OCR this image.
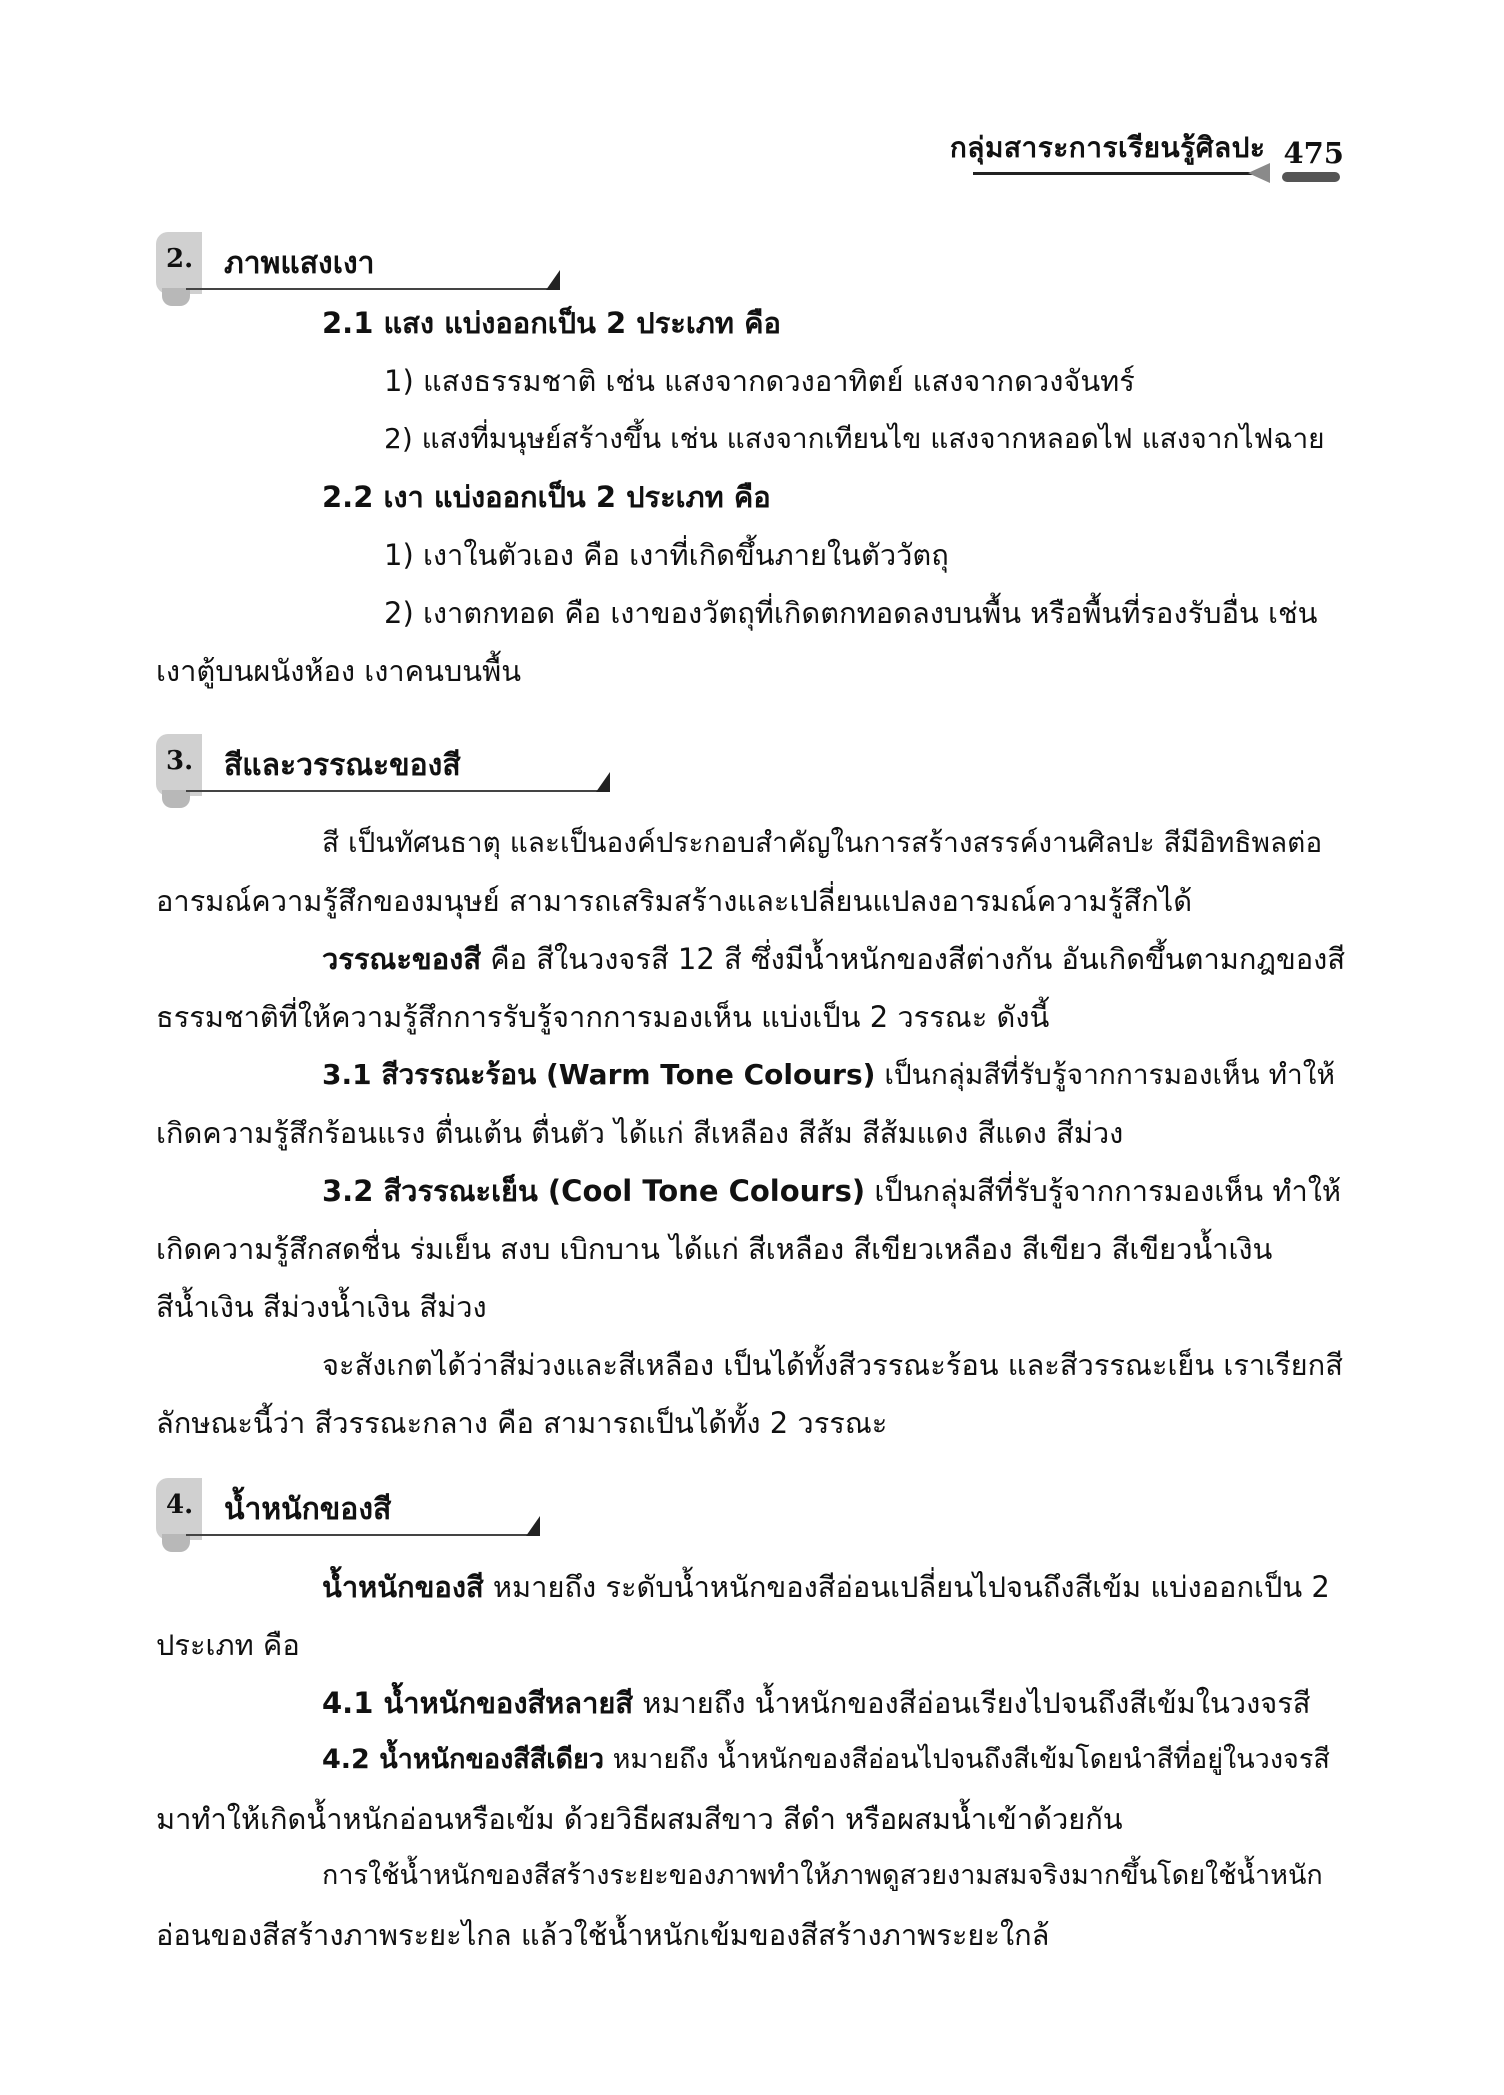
กลุ่มสาระการเรียนรู้ศิลปะ 475
2. ภาพแสงเงา
2.1 แสง แบ่งออกเป็น 2 ประเภท คือ
1) แสงธรรมชาติ เช่น แสงจากดวงอาทิตย์ แสงจากดวงจันทร์
2) แสงที่มนุษย์สร้างขึ้น เช่น แสงจากเทียนไข แสงจากหลอดไฟ แสงจากไฟฉาย
2.2 เงา แบ่งออกเป็น 2 ประเภท คือ
1) เงาในตัวเอง คือ เงาที่เกิดขึ้นภายในตัววัตถุ
2) เงาตกทอด คือ เงาของวัตถุที่เกิดตกทอดลงบนพื้น หรือพื้นที่รองรับอื่น เช่น
เงาตู้บนผนังห้อง เงาคนบนพื้น
3. สีและวรรณะของสี
สี เป็นทัศนธาตุ และเป็นองค์ประกอบสำคัญในการสร้างสรรค์งานศิลปะ สีมีอิทธิพลต่อ
อารมณ์ความรู้สึกของมนุษย์ สามารถเสริมสร้างและเปลี่ยนแปลงอารมณ์ความรู้สึกได้
วรรณะของสี คือ สีในวงจรสี 12 สี ซึ่งมีน้ำหนักของสีต่างกัน อันเกิดขึ้นตามกฎของสี
ธรรมชาติที่ให้ความรู้สึกการรับรู้จากการมองเห็น แบ่งเป็น 2 วรรณะ ดังนี้
3.1 สีวรรณะร้อน (Warm Tone Colours) เป็นกลุ่มสีที่รับรู้จากการมองเห็น ทำให้
เกิดความรู้สึกร้อนแรง ตื่นเต้น ตื่นตัว ได้แก่ สีเหลือง สีส้ม สีส้มแดง สีแดง สีม่วง
3.2 สีวรรณะเย็น (Cool Tone Colours) เป็นกลุ่มสีที่รับรู้จากการมองเห็น ทำให้
เกิดความรู้สึกสดชื่น ร่มเย็น สงบ เบิกบาน ได้แก่ สีเหลือง สีเขียวเหลือง สีเขียว สีเขียวน้ำเงิน
สีน้ำเงิน สีม่วงน้ำเงิน สีม่วง
จะสังเกตได้ว่าสีม่วงและสีเหลือง เป็นได้ทั้งสีวรรณะร้อน และสีวรรณะเย็น เราเรียกสี
ลักษณะนี้ว่า สีวรรณะกลาง คือ สามารถเป็นได้ทั้ง 2 วรรณะ
4. น้ำหนักของสี
น้ำหนักของสี หมายถึง ระดับน้ำหนักของสีอ่อนเปลี่ยนไปจนถึงสีเข้ม แบ่งออกเป็น 2
ประเภท คือ
4.1 น้ำหนักของสีหลายสี หมายถึง น้ำหนักของสีอ่อนเรียงไปจนถึงสีเข้มในวงจรสี
4.2 น้ำหนักของสีสีเดียว หมายถึง น้ำหนักของสีอ่อนไปจนถึงสีเข้มโดยนำสีที่อยู่ในวงจรสี
มาทำให้เกิดน้ำหนักอ่อนหรือเข้ม ด้วยวิธีผสมสีขาว สีดำ หรือผสมน้ำเข้าด้วยกัน
การใช้น้ำหนักของสีสร้างระยะของภาพทำให้ภาพดูสวยงามสมจริงมากขึ้นโดยใช้น้ำหนัก
อ่อนของสีสร้างภาพระยะไกล แล้วใช้น้ำหนักเข้มของสีสร้างภาพระยะใกล้
